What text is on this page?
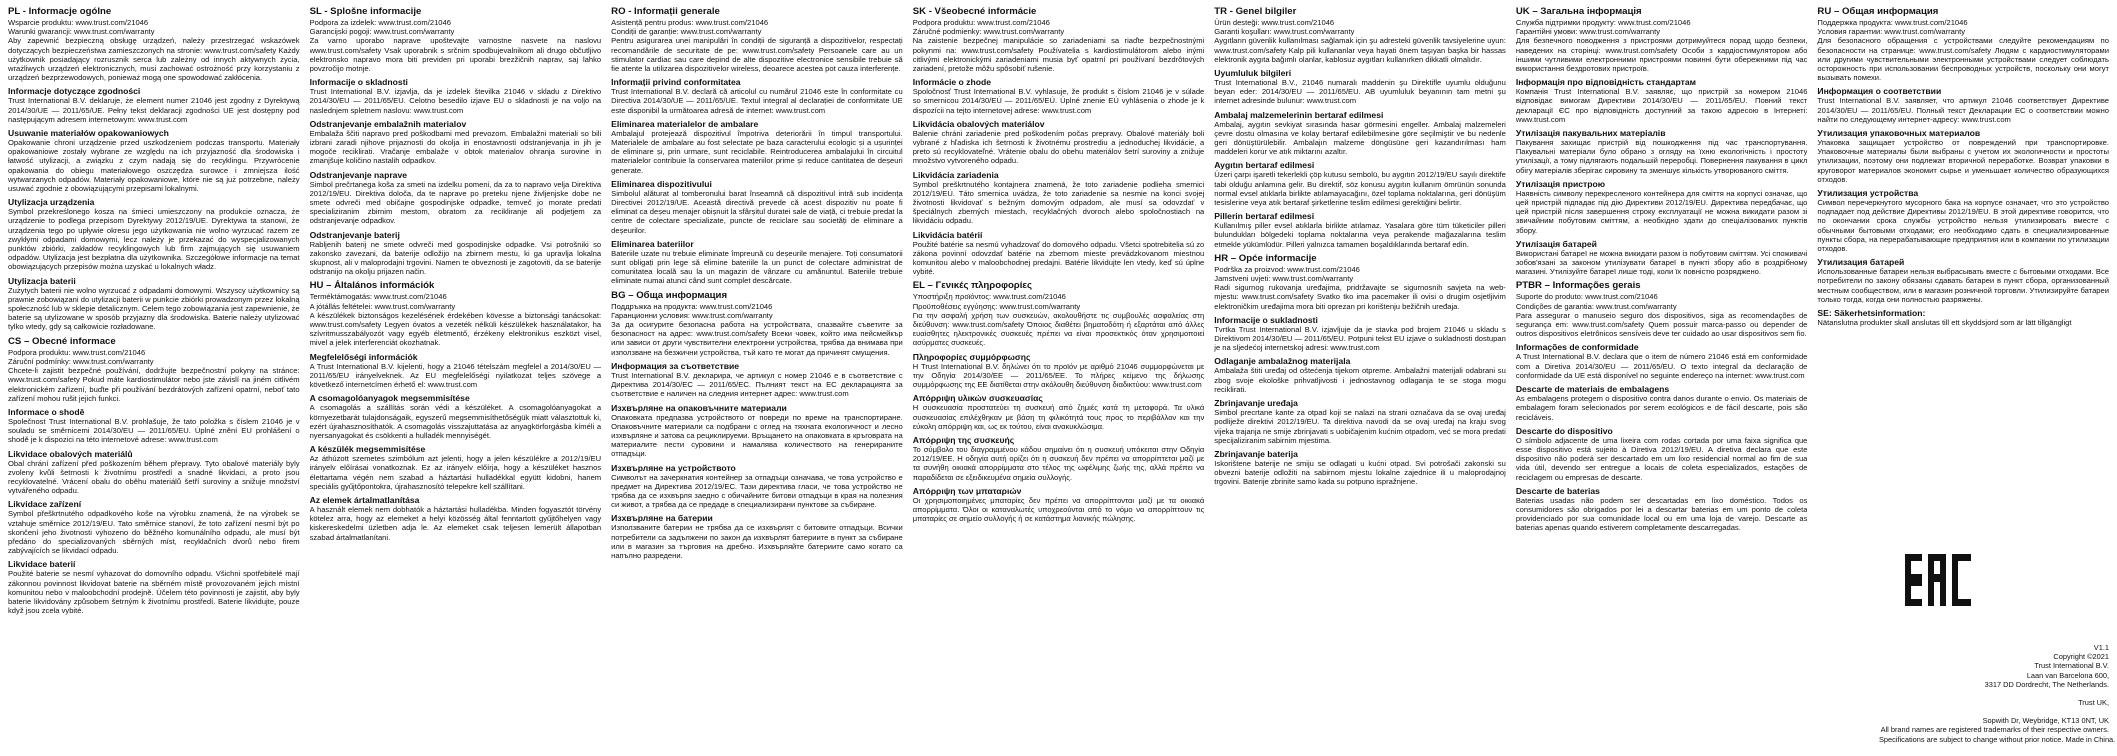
PL - Informacje ogólne

Wsparcie produktu: www.trust.com/21046

Warunki gwarancji: www.trust.com/warranty

Aby zapewnić bezpieczną obsługę urządzeń, należy przestrzegać wskazówek dotyczących bezpieczeństwa zamieszczonych na stronie: www.trust.com/safety Każdy użytkownik posiadający rozrusznik serca lub zależny od innych aktywnych życia, wrażliwych urządzeń elektronicznych, musi zachować ostrożność przy korzystaniu z urządzeń bezprzewodowych, ponieważ mogą one spowodować zakłócenia.

Informacje dotyczące zgodności

Trust International B.V. deklaruje, że element numer 21046 jest zgodny z Dyrektywą 2014/30/UE — 2011/65/UE. Pełny tekst deklaracji zgodności UE jest dostępny pod następującym adresem internetowym: www.trust.com

Usuwanie materiałów opakowaniowych

Opakowanie chroni urządzenie przed uszkodzeniem podczas transportu. Materiały opakowaniowe zostały wybrane ze względu na ich przyjazność dla środowiska i łatwość utylizacji, a związku z czym nadają się do recyklingu. Przywrócenie opakowania do obiegu materiałowego oszczędza surowce i zmniejsza ilość wytwarzanych odpadów. Materiały opakowaniowe, które nie są już potrzebne, należy usuwać zgodnie z obowiązującymi przepisami lokalnymi.

Utylizacja urządzenia

Symbol przekreślonego kosza na śmieci umieszczony na produkcie oznacza, że urządzenie to podlega przepisom Dyrektywy 2012/19/UE. Dyrektywa ta stanowi, że urządzenia tego po upływie okresu jego użytkowania nie wolno wyrzucać razem ze zwykłymi odpadami domowymi, lecz należy je przekazać do wyspecjalizowanych punktów zbiórki, zakładów recyklingowych lub firm zajmujących się usuwaniem odpadów. Utylizacja jest bezpłatna dla użytkownika. Szczegółowe informacje na temat obowiązujących przepisów można uzyskać u lokalnych władz.

Utylizacja baterii

Zużytych baterii nie wolno wyrzucać z odpadami domowymi. Wszyscy użytkownicy są prawnie zobowiązani do utylizacji baterii w punkcie zbiórki prowadzonym przez lokalną społeczność lub w sklepie detalicznym. Celem tego zobowiązania jest zapewnienie, że baterie są utylizowane w sposób przyjazny dla środowiska. Baterie należy utylizować tylko wtedy, gdy są całkowicie rozładowane.

CS – Obecné informace

Podpora produktu: www.trust.com/21046

Záruční podmínky: www.trust.com/warranty

Chcete-li zajistit bezpečné používání, dodržujte bezpečnostní pokyny na stránce: www.trust.com/safety Pokud máte kardiostimulátor nebo jste závislí na jiném citlivém elektronickém zařízení, buďte při používání bezdrátových zařízení opatrní, neboť tato zařízení mohou rušit jejich funkci.

Informace o shodě

Společnost Trust International B.V. prohlašuje, že tato položka s číslem 21046 je v souladu se směrnicemi 2014/30/EU — 2011/65/EU. Úplné znění EU prohlášení o shodě je k dispozici na této internetové adrese: www.trust.com

Likvidace obalových materiálů

Obal chrání zařízení před poškozením během přepravy. Tyto obalové materiály byly zvoleny kvůli šetrnosti k životnímu prostředí a snadné likvidaci, a proto jsou recyklovatelné. Vrácení obalu do oběhu materiálů šetří suroviny a snižuje množství vytvářeného odpadu.

Likvidace zařízení

Symbol přeškrtnutého odpadkového koše na výrobku znamená, že na výrobek se vztahuje směrnice 2012/19/EU. Tato směrnice stanoví, že toto zařízení nesmí být po skončení jeho životnosti vyhozeno do běžného komunálního odpadu, ale musí být předáno do specializovaných sběrných míst, recyklačních dvorů nebo firem zabývajících se likvidací odpadu.

Likvidace baterií

Použité baterie se nesmí vyhazovat do domovního odpadu. Všichni spotřebitelé mají zákonnou povinnost likvidovat baterie na sběrném místě provozovaném jejich místní komunitou nebo v maloobchodní prodejně. Účelem této povinnosti je zajistit, aby byly baterie likvidovány způsobem šetrným k životnímu prostředí. Baterie likvidujte, pouze když jsou zcela vybité.

SL - Splošne informacije

Podpora za izdelek: www.trust.com/21046

Garancijski pogoji: www.trust.com/warranty

Za varno uporabo naprave upoštevajte varnostne nasvete na naslovu www.trust.com/safety Vsak uporabnik s srčnim spodbujevalnikom ali drugo občutljivo elektronsko napravo mora biti previden pri uporabi brezžičnih naprav, saj lahko povzročijo motnje.

Informacije o skladnosti

Trust International B.V. izjavlja, da je izdelek številka 21046 v skladu z Direktivo 2014/30/EU — 2011/65/EU. Celotno besedilo izjave EU o skladnosti je na voljo na naslednjem spletnem naslovu: www.trust.com

Odstranjevanje embalažnih materialov

Embalaža ščiti napravo pred poškodbami med prevozom. Embalažni materiali so bili izbrani zaradi njihove prijaznosti do okolja in enostavnosti odstranjevanja in jih je mogoče reciklirati. Vračanje embalaže v obtok materialov ohranja surovine in zmanjšuje količino nastalih odpadkov.

Odstranjevanje naprave

Simbol prečrtanega koša za smeti na izdelku pomeni, da za to napravo velja Direktiva 2012/19/EU. Direktiva določa, da te naprave po preteku njene življenjske dobe ne smete odvreči med običajne gospodinjske odpadke, temveč jo morate predati specializiranim zbirnim mestom, obratom za recikliranje ali podjetjem za odstranjevanje odpadkov.

Odstranjevanje baterij

Rabljenih baterij ne smete odvreči med gospodinjske odpadke. Vsi potrošniki so zakonsko zavezani, da baterije odložijo na zbirnem mestu, ki ga upravlja lokalna skupnost, ali v maloprodajni trgovini. Namen te obveznosti je zagotoviti, da se baterije odstranijo na okolju prijazen način.

HU – Általános információk

Terméktámogatás: www.trust.com/21046

A jótállás feltételei: www.trust.com/warranty

A készülékek biztonságos kezelésének érdekében kövesse a biztonsági tanácsokat: www.trust.com/safety Legyen óvatos a vezeték nélküli készülékek használatakor, ha szívritmusszabályozót vagy egyéb életmentő, érzékeny elektronikus eszközt visel, mivel a jelek interferenciát okozhatnak.

Megfelelőségi információk

A Trust International B.V. kijelenti, hogy a 21046 tételszám megfelel a 2014/30/EU — 2011/65/EU irányelveknek. Az EU megfelelőségi nyilatkozat teljes szövege a következő internetcímen érhető el: www.trust.com

A csomagolóanyagok megsemmisítése

A csomagolás a szállítás során védi a készüléket. A csomagolóanyagokat a környezetbarát tulajdonságaik, egyszerű megsemmisíthetőségük miatt választottuk ki, ezért újrahasznosíthatók. A csomagolás visszajuttatása az anyagkörforgásba kíméli a nyersanyagokat és csökkenti a hulladék mennyiségét.

A készülék megsemmisítése

Az áthúzott szemetes szimbólum azt jelenti, hogy a jelen készülékre a 2012/19/EU irányelv előírásai vonatkoznak. Ez az irányelv előírja, hogy a készüléket hasznos élettartama végén nem szabad a háztartási hulladékkal együtt kidobni, hanem speciális gyűjtőpontokra, újrahasznosító telepekre kell szállítani.

Az elemek ártalmatlanítása

A használt elemek nem dobhatók a háztartási hulladékba. Minden fogyasztót törvény kötelez arra, hogy az elemeket a helyi közösség által fenntartott gyűjtőhelyen vagy kiskereskedelmi üzletben adja le. Az elemeket csak teljesen lemerült állapotban szabad ártalmatlanítani.

RO - Informații generale

Asistență pentru produs: www.trust.com/21046

Condiții de garanție: www.trust.com/warranty

Pentru asigurarea unei manipulări în condiții de siguranță a dispozitivelor, respectați recomandările de securitate de pe: www.trust.com/safety Persoanele care au un stimulator cardiac sau care depind de alte dispozitive electronice sensibile trebuie să fie atente la utilizarea dispozitivelor wireless, deoarece acestea pot cauza interferențe.

Informații privind conformitatea

Trust International B.V. declară că articolul cu numărul 21046 este în conformitate cu Directiva 2014/30/UE — 2011/65/UE. Textul integral al declarației de conformitate UE este disponibil la următoarea adresă de internet: www.trust.com

Eliminarea materialelor de ambalare

Ambalajul protejează dispozitivul împotriva deteriorării în timpul transportului. Materialele de ambalare au fost selectate pe baza caracterului ecologic și a ușurinței de eliminare și, prin urmare, sunt reciclabile. Reintroducerea ambalajului în circuitul materialelor contribuie la conservarea materiilor prime și reduce cantitatea de deșeuri generate.

Eliminarea dispozitivului

Simbolul alăturat al tomberonului barat înseamnă că dispozitivul intră sub incidența Directivei 2012/19/UE. Această directivă prevede că acest dispozitiv nu poate fi eliminat ca deșeu menajer obișnuit la sfârșitul duratei sale de viață, ci trebuie predat la centre de colectare specializate, puncte de reciclare sau societăți de eliminare a deșeurilor.

Eliminarea bateriilor

Bateriile uzate nu trebuie eliminate împreună cu deșeurile menajere. Toți consumatorii sunt obligați prin lege să elimine bateriile la un punct de colectare administrat de comunitatea locală sau la un magazin de vânzare cu amănuntul. Bateriile trebuie eliminate numai atunci când sunt complet descărcate.

BG – Обща информация

Поддръжка на продукта: www.trust.com/21046

Гаранционни условия: www.trust.com/warranty

За да осигурите безопасна работа на устройствата, спазвайте съветите за безопасност на адрес: www.trust.com/safety Всеки човек, който има пейсмейкър или зависи от други чувствителни електронни устройства, трябва да внимава при използване на безжични устройства, тъй като те могат да причинят смущения.

Информация за съответствие

Trust International B.V. декларира, че артикул с номер 21046 е в съответствие с Директива 2014/30/ЕС — 2011/65/ЕС. Пълният текст на ЕС декларацията за съответствие е наличен на следния интернет адрес: www.trust.com

Изхвърляне на опаковъчните материали

Опаковката предпазва устройството от повреди по време на транспортиране. Опаковъчните материали са подбрани с оглед на тяхната екологичност и лесно изхвърляне и затова са рециклируеми. Връщането на опаковката в кръговрата на материалите пести суровини и намалява количеството на генерираните отпадъци.

Изхвърляне на устройството

Символът на зачеркнатия контейнер за отпадъци означава, че това устройство е предмет на Директива 2012/19/ЕС. Тази директива гласи, че това устройство не трябва да се изхвърля заедно с обичайните битови отпадъци в края на полезния си живот, а трябва да се предаде в специализирани пунктове за събиране.

Изхвърляне на батерии

Използваните батерии не трябва да се изхвърлят с битовите отпадъци. Всички потребители са задължени по закон да изхвърлят батериите в пункт за събиране или в магазин за търговия на дребно. Изхвърляйте батериите само когато са напълно разредени.

SK - Všeobecné informácie

Podpora produktu: www.trust.com/21046

Záručné podmienky: www.trust.com/warranty

Na zaistenie bezpečnej manipulácie so zariadeniami sa riaďte bezpečnostnými pokynmi na: www.trust.com/safety Používatelia s kardiostimulátorom alebo inými citlivými elektronickými zariadeniami musia byť opatrní pri používaní bezdrôtových zariadení, pretože môžu spôsobiť rušenie.

Informácie o zhode

Spoločnosť Trust International B.V. vyhlasuje, že produkt s číslom 21046 je v súlade so smernicou 2014/30/EÚ — 2011/65/EÚ. Úplné znenie EÚ vyhlásenia o zhode je k dispozícii na tejto internetovej adrese: www.trust.com

Likvidácia obalových materiálov

Balenie chráni zariadenie pred poškodením počas prepravy. Obalové materiály boli vybrané z hľadiska ich šetrnosti k životnému prostrediu a jednoduchej likvidácie, a preto sú recyklovateľné. Vrátenie obalu do obehu materiálov šetrí suroviny a znižuje množstvo vytvoreného odpadu.

Likvidácia zariadenia

Symbol preškrtnutého kontajnera znamená, že toto zariadenie podlieha smernici 2012/19/EÚ. Táto smernica uvádza, že toto zariadenie sa nesmie na konci svojej životnosti likvidovať s bežným domovým odpadom, ale musí sa odovzdať v špeciálnych zberných miestach, recyklačných dvoroch alebo spoločnostiach na likvidáciu odpadu.

Likvidácia batérií

Použité batérie sa nesmú vyhadzovať do domového odpadu. Všetci spotrebitelia sú zo zákona povinní odovzdať batérie na zbernom mieste prevádzkovanom miestnou komunitou alebo v maloobchodnej predajni. Batérie likvidujte len vtedy, keď sú úplne vybité.

EL – Γενικές πληροφορίες

Υποστήριξη προϊόντος: www.trust.com/21046

Προϋποθέσεις εγγύησης: www.trust.com/warranty

Για την ασφαλή χρήση των συσκευών, ακολουθήστε τις συμβουλές ασφαλείας στη διεύθυνση: www.trust.com/safety Όποιος διαθέτει βηματοδότη ή εξαρτάται από άλλες ευαίσθητες ηλεκτρονικές συσκευές πρέπει να είναι προσεκτικός όταν χρησιμοποιεί ασύρματες συσκευές.

Πληροφορίες συμμόρφωσης

Η Trust International B.V. δηλώνει ότι το προϊόν με αριθμό 21046 συμμορφώνεται με την Οδηγία 2014/30/ΕΕ — 2011/65/ΕΕ. Το πλήρες κείμενο της δήλωσης συμμόρφωσης της ΕΕ διατίθεται στην ακόλουθη διεύθυνση διαδικτύου: www.trust.com

Απόρριψη υλικών συσκευασίας

Η συσκευασία προστατεύει τη συσκευή από ζημιές κατά τη μεταφορά. Τα υλικά συσκευασίας επιλέχθηκαν με βάση τη φιλικότητά τους προς το περιβάλλον και την εύκολη απόρριψη και, ως εκ τούτου, είναι ανακυκλώσιμα.

Απόρριψη της συσκευής

Το σύμβολο του διαγραμμένου κάδου σημαίνει ότι η συσκευή υπόκειται στην Οδηγία 2012/19/ΕΕ. Η οδηγία αυτή ορίζει ότι η συσκευή δεν πρέπει να απορρίπτεται μαζί με τα συνήθη οικιακά απορρίμματα στο τέλος της ωφέλιμης ζωής της, αλλά πρέπει να παραδίδεται σε εξειδικευμένα σημεία συλλογής.

Απόρριψη των μπαταριών

Οι χρησιμοποιημένες μπαταρίες δεν πρέπει να απορρίπτονται μαζί με τα οικιακά απορρίμματα. Όλοι οι καταναλωτές υποχρεούνται από το νόμο να απορρίπτουν τις μπαταρίες σε σημείο συλλογής ή σε κατάστημα λιανικής πώλησης.

TR - Genel bilgiler

Ürün desteği: www.trust.com/21046

Garanti koşulları: www.trust.com/warranty

Aygıtların güvenlik kullanılması sağlamak için şu adresteki güvenlik tavsiyelerine uyun: www.trust.com/safety Kalp pili kullananlar veya hayati önem taşıyan başka bir hassas elektronik aygıta bağımlı olanlar, kablosuz aygıtları kullanırken dikkatli olmalıdır.

Uyumluluk bilgileri

Trust International B.V., 21046 numaralı maddenin şu Direktifle uyumlu olduğunu beyan eder: 2014/30/EU — 2011/65/EU. AB uyumluluk beyanının tam metni şu internet adresinde bulunur: www.trust.com

Ambalaj malzemelerinin bertaraf edilmesi

Ambalaj, aygıtın sevkiyat sırasında hasar görmesini engeller. Ambalaj malzemeleri çevre dostu olmasına ve kolay bertaraf edilebilmesine göre seçilmiştir ve bu nedenle geri dönüştürülebilir. Ambalajın malzeme döngüsüne geri kazandırılması ham maddeleri korur ve atık miktarını azaltır.

Aygıtın bertaraf edilmesi

Üzeri çarpı işaretli tekerlekli çöp kutusu sembolü, bu aygıtın 2012/19/EU sayılı direktife tabi olduğu anlamına gelir. Bu direktif, söz konusu aygıtın kullanım ömrünün sonunda normal evsel atıklarla birlikte atılamayacağını, özel toplama noktalarına, geri dönüşüm tesislerine veya atık bertaraf şirketlerine teslim edilmesi gerektiğini belirtir.

Pillerin bertaraf edilmesi

Kullanılmış piller evsel atıklarla birlikte atılamaz. Yasalara göre tüm tüketiciler pilleri bulundukları bölgedeki toplama noktalarına veya perakende mağazalarına teslim etmekle yükümlüdür. Pilleri yalnızca tamamen boşaldıklarında bertaraf edin.

HR – Opće informacije

Podrška za proizvod: www.trust.com/21046

Jamstveni uvjeti: www.trust.com/warranty

Radi sigurnog rukovanja uređajima, pridržavajte se sigurnosnih savjeta na web-mjestu: www.trust.com/safety Svatko tko ima pacemaker ili ovisi o drugim osjetljivim elektroničkim uređajima mora biti oprezan pri korištenju bežičnih uređaja.

Informacije o sukladnosti

Tvrtka Trust International B.V. izjavljuje da je stavka pod brojem 21046 u skladu s Direktivom 2014/30/EU — 2011/65/EU. Potpuni tekst EU izjave o sukladnosti dostupan je na sljedećoj internetskoj adresi: www.trust.com

Odlaganje ambalažnog materijala

Ambalaža štiti uređaj od oštećenja tijekom otpreme. Ambalažni materijali odabrani su zbog svoje ekološke prihvatljivosti i jednostavnog odlaganja te se stoga mogu reciklirati.

Zbrinjavanje uređaja

Simbol precrtane kante za otpad koji se nalazi na strani označava da se ovaj uređaj podliježe direktivi 2012/19/EU. Ta direktiva navodi da se ovaj uređaj na kraju svog vijeka trajanja ne smije zbrinjavati s uobičajenim kućnim otpadom, već se mora predati specijaliziranim sabirnim mjestima.

Zbrinjavanje baterija

Iskorištene baterije ne smiju se odlagati u kućni otpad. Svi potrošači zakonski su obvezni baterije odložiti na sabirnom mjestu lokalne zajednice ili u maloprodajnoj trgovini. Baterije zbrinite samo kada su potpuno ispražnjene.

UK – Загальна інформація

Служба підтримки продукту: www.trust.com/21046

Гарантійні умови: www.trust.com/warranty

Для безпечного поводження з пристроями дотримуйтеся порад щодо безпеки, наведених на сторінці: www.trust.com/safety Особи з кардіостимулятором або іншими чутливими електронними пристроями повинні бути обережними під час використання бездротових пристроїв.

Інформація про відповідність стандартам

Компанія Trust International B.V. заявляє, що пристрій за номером 21046 відповідає вимогам Директиви 2014/30/EU — 2011/65/EU. Повний текст декларації ЄС про відповідність доступний за такою адресою в Інтернеті: www.trust.com

Утилізація пакувальних матеріалів

Пакування захищає пристрій від пошкодження під час транспортування. Пакувальні матеріали було обрано з огляду на їхню екологічність і простоту утилізації, а тому підлягають подальшій переробці. Повернення пакування в цикл обігу матеріалів зберігає сировину та зменшує кількість утворюваного сміття.

Утилізація пристрою

Наявність символу перекресленого контейнера для сміття на корпусі означає, що цей пристрій підпадає під дію Директиви 2012/19/EU. Директива передбачає, що цей пристрій після завершення строку експлуатації не можна викидати разом зі звичайним побутовим сміттям, а необхідно здати до спеціалізованих пунктів збору.

Утилізація батарей

Використані батареї не можна викидати разом із побутовим сміттям. Усі споживачі зобов'язані за законом утилізувати батареї в пункті збору або в роздрібному магазині. Утилізуйте батареї лише тоді, коли їх повністю розряджено.

PTBR – Informações gerais

Suporte do produto: www.trust.com/21046

Condições de garantia: www.trust.com/warranty

Para assegurar o manuseio seguro dos dispositivos, siga as recomendações de segurança em: www.trust.com/safety Quem possuir marca-passo ou depender de outros dispositivos eletrônicos sensíveis deve ter cuidado ao usar dispositivos sem fio.

Informações de conformidade

A Trust International B.V. declara que o item de número 21046 está em conformidade com a Diretiva 2014/30/EU — 2011/65/EU. O texto integral da declaração de conformidade da UE está disponível no seguinte endereço na internet: www.trust.com

Descarte de materiais de embalagens

As embalagens protegem o dispositivo contra danos durante o envio. Os materiais de embalagem foram selecionados por serem ecológicos e de fácil descarte, pois são recicláveis.

Descarte do dispositivo

O símbolo adjacente de uma lixeira com rodas cortada por uma faixa significa que esse dispositivo está sujeito à Diretiva 2012/19/EU. A diretiva declara que este dispositivo não poderá ser descartado em um lixo residencial normal ao fim de sua vida útil, devendo ser entregue a locais de coleta especializados, estações de reciclagem ou empresas de descarte.

Descarte de baterias

Baterias usadas não podem ser descartadas em lixo doméstico. Todos os consumidores são obrigados por lei a descartar baterias em um ponto de coleta providenciado por sua comunidade local ou em uma loja de varejo. Descarte as baterias apenas quando estiverem completamente descarregadas.

RU – Общая информация

Поддержка продукта: www.trust.com/21046

Условия гарантии: www.trust.com/warranty

Для безопасного обращения с устройствами следуйте рекомендациям по безопасности на странице: www.trust.com/safety Людям с кардиостимуляторами или другими чувствительными электронными устройствами следует соблюдать осторожность при использовании беспроводных устройств, поскольку они могут вызывать помехи.

Информация о соответствии

Trust International B.V. заявляет, что артикул 21046 соответствует Директиве 2014/30/EU — 2011/65/EU. Полный текст Декларации ЕС о соответствии можно найти по следующему интернет-адресу: www.trust.com

Утилизация упаковочных материалов

Упаковка защищает устройство от повреждений при транспортировке. Упаковочные материалы были выбраны с учетом их экологичности и простоты утилизации, поэтому они подлежат вторичной переработке. Возврат упаковки в круговорот материалов экономит сырье и уменьшает количество образующихся отходов.

Утилизация устройства

Символ перечеркнутого мусорного бака на корпусе означает, что это устройство подпадает под действие Директивы 2012/19/EU. В этой директиве говорится, что по окончании срока службы устройство нельзя утилизировать вместе с обычными бытовыми отходами; его необходимо сдать в специализированные пункты сбора, на перерабатывающие предприятия или в компании по утилизации отходов.

Утилизация батарей

Использованные батареи нельзя выбрасывать вместе с бытовыми отходами. Все потребители по закону обязаны сдавать батареи в пункт сбора, организованный местным сообществом, или в магазин розничной торговли. Утилизируйте батареи только тогда, когда они полностью разряжены.

SE: Säkerhetsinformation:

Nätanslutna produkter skall anslutas till ett skyddsjord som är lätt tillgängligt

V1.1

Copyright ©2021

Trust International B.V.

Laan van Barcelona 600,

3317 DD Dordrecht, The Netherlands.

Trust UK,

Sopwith Dr, Weybridge, KT13 0NT, UK

All brand names are registered trademarks of their respective owners.

Specifications are subject to change without prior notice. Made in China.
